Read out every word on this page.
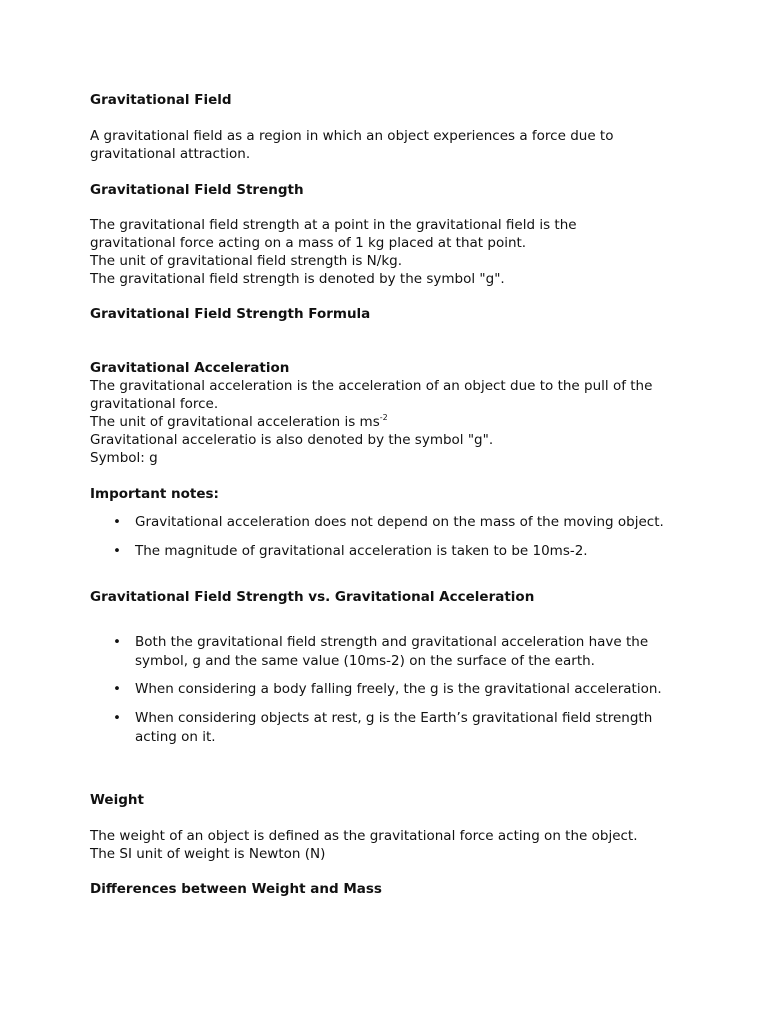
Gravitational Field
A gravitational field as a region in which an object experiences a force due to
gravitational attraction.
Gravitational Field Strength
The gravitational field strength at a point in the gravitational field is the
gravitational force acting on a mass of 1 kg placed at that point.
The unit of gravitational field strength is N/kg.
The gravitational field strength is denoted by the symbol "g".
Gravitational Field Strength Formula
Gravitational Acceleration
The gravitational acceleration is the acceleration of an object due to the pull of the
gravitational force.
The unit of gravitational acceleration is $ms^{-2}$
Gravitational acceleratio is also denoted by the symbol "g".
Symbol: g
Important notes:
• Gravitational acceleration does not depend on the mass of the moving object.
• The magnitude of gravitational acceleration is taken to be 10ms-2.
Gravitational Field Strength vs. Gravitational Acceleration
• Both the gravitational field strength and gravitational acceleration have the
symbol, g and the same value (10ms-2) on the surface of the earth.
• When considering a body falling freely, the g is the gravitational acceleration.
• When considering objects at rest, g is the Earth’s gravitational field strength
acting on it.
Weight
The weight of an object is defined as the gravitational force acting on the object.
The SI unit of weight is Newton (N)
Differences between Weight and Mass
